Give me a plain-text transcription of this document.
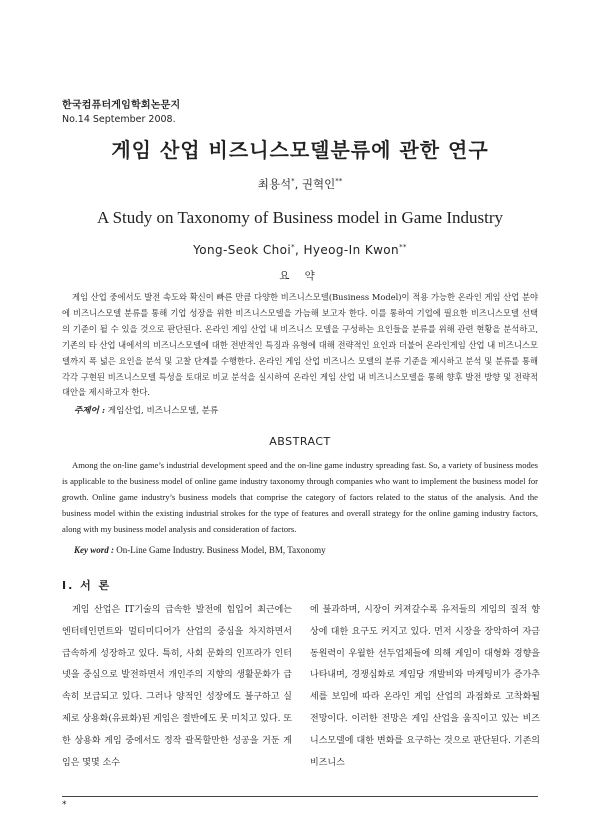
한국컴퓨터게임학회논문지
No.14 September 2008.
게임 산업 비즈니스모델분류에 관한 연구
최용석*, 권혁인**
A Study on Taxonomy of Business model in Game Industry
Yong-Seok Choi*, Hyeog-In Kwon**
요 약
게임 산업 중에서도 발전 속도와 확신이 빠른 만큼 다양한 비즈니스모델(Business Model)이 적용 가능한 온라인 게임 산업 분야에 비즈니스모델 분류를 통해 기업 성장을 위한 비즈니스모델을 가늠해 보고자 한다. 이를 통하여 기업에 필요한 비즈니스모델 선택의 기준이 될 수 있을 것으로 판단된다. 온라인 게임 산업 내 비즈니스 모델을 구성하는 요인들을 분류를 위해 관련 현황을 분석하고, 기존의 타 산업 내에서의 비즈니스모델에 대한 전반적인 특징과 유형에 대해 전략적인 요인과 더불어 온라인게임 산업 내 비즈니스모델까지 폭 넓은 요인을 분석 및 고찰 단계를 수행한다. 온라인 게임 산업 비즈니스 모델의 분류 기준을 제시하고 분석 및 분류를 통해 각각 구현된 비즈니스모델 특성을 토대로 비교 분석을 실시하여 온라인 게임 산업 내 비즈니스모델을 통해 향후 발전 방향 및 전략적 대안을 제시하고자 한다.
주제어 : 게임산업, 비즈니스모델, 분류
ABSTRACT
Among the on-line game’s industrial development speed and the on-line game industry spreading fast. So, a variety of business modes is applicable to the business model of online game industry taxonomy through companies who want to implement the business model for growth. Online game industry’s business models that comprise the category of factors related to the status of the analysis. And the business model within the existing industrial strokes for the type of features and overall strategy for the online gaming industry factors, along with my business model analysis and consideration of factors.
Key word : On-Line Game Industry. Business Model, BM, Taxonomy
Ⅰ. 서 론
게임 산업은 IT기술의 급속한 발전에 힘입어 최근에는 엔터테인먼트와 멀티미디어가 산업의 중심을 차지하면서 급속하게 성장하고 있다. 특히, 사회 문화의 인프라가 인터넷을 중심으로 발전하면서 개인주의 지향의 생활문화가 급속히 보급되고 있다. 그러나 양적인 성장에도 불구하고 실제로 상용화(유료화)된 게임은 절반에도 못 미치고 있다. 또한 상용화 게임 중에서도 정작 괄목할만한 성공을 거둔 게임은 몇몇 소수
에 불과하며, 시장이 커져갈수록 유저들의 게임의 질적 향상에 대한 요구도 커지고 있다. 먼저 시장을 장악하여 자금동원력이 우월한 선두업체들에 의해 게임이 대형화 경향을 나타내며, 경쟁심화로 게임당 개발비와 마케팅비가 증가추세를 보임에 따라 온라인 게임 산업의 과점화로 고착화될 전망이다. 이러한 전망은 게임 산업을 움직이고 있는 비즈니스모델에 대한 변화를 요구하는 것으로 판단된다. 기존의 비즈니스
*
